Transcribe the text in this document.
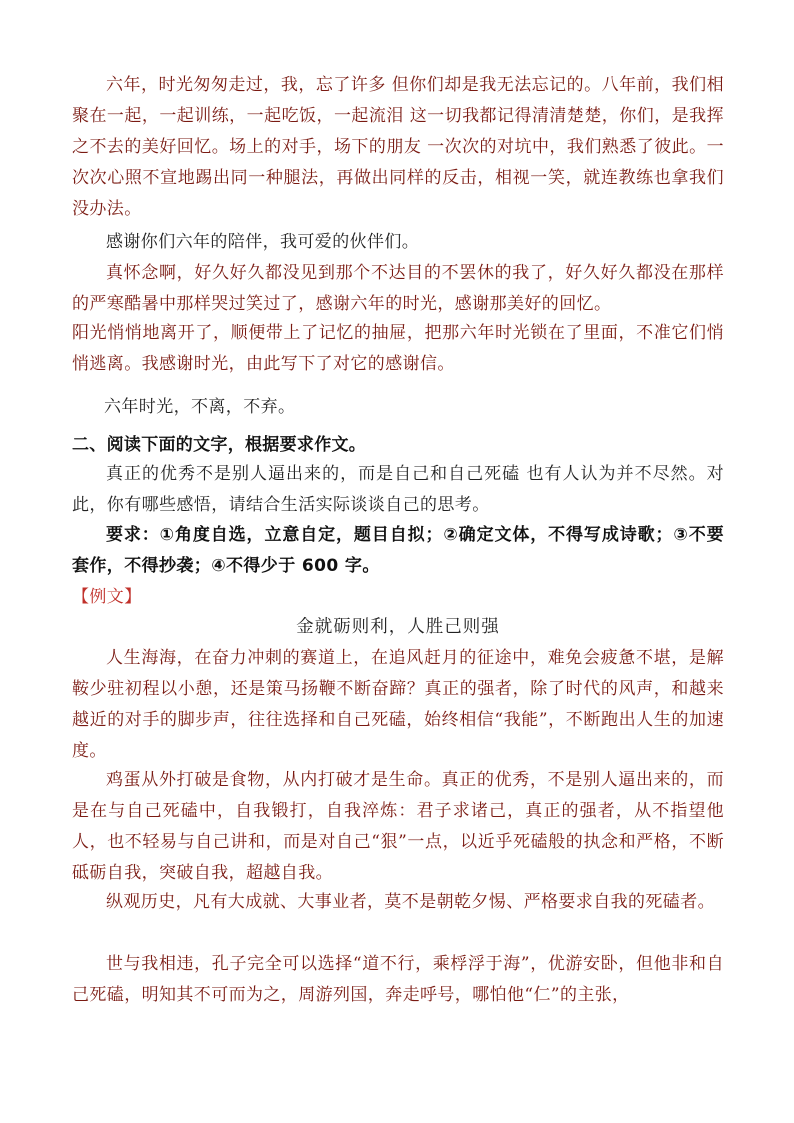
六年，时光匆匆走过，我，忘了许多 但你们却是我无法忘记的。八年前，我们相聚在一起，一起训练，一起吃饭，一起流泪 这一切我都记得清清楚楚，你们，是我挥之不去的美好回忆。场上的对手，场下的朋友 一次次的对坑中，我们熟悉了彼此。一次次心照不宣地踢出同一种腿法，再做出同样的反击，相视一笑，就连教练也拿我们没办法。

感谢你们六年的陪伴，我可爱的伙伴们。

真怀念啊，好久好久都没见到那个不达目的不罢休的我了，好久好久都没在那样的严寒酷暑中那样哭过笑过了，感谢六年的时光，感谢那美好的回忆。

阳光悄悄地离开了，顺便带上了记忆的抽屉，把那六年时光锁在了里面，不准它们悄悄逃离。我感谢时光，由此写下了对它的感谢信。

六年时光，不离，不弃。

二、阅读下面的文字，根据要求作文。

真正的优秀不是别人逼出来的，而是自己和自己死磕 也有人认为并不尽然。对此，你有哪些感悟，请结合生活实际谈谈自己的思考。

要求：①角度自选，立意自定，题目自拟；②确定文体，不得写成诗歌；③不要套作，不得抄袭；④不得少于 600 字。

【例文】

金就砺则利，人胜己则强

人生海海，在奋力冲刺的赛道上，在追风赶月的征途中，难免会疲惫不堪，是解鞍少驻初程以小憩，还是策马扬鞭不断奋蹄？真正的强者，除了时代的风声，和越来越近的对手的脚步声，往往选择和自己死磕，始终相信“我能”，不断跑出人生的加速度。

鸡蛋从外打破是食物，从内打破才是生命。真正的优秀，不是别人逼出来的，而是在与自己死磕中，自我锻打，自我淬炼：君子求诸己，真正的强者，从不指望他人，也不轻易与自己讲和，而是对自己“狠”一点，以近乎死磕般的执念和严格，不断砥砺自我，突破自我，超越自我。

纵观历史，凡有大成就、大事业者，莫不是朝乾夕惕、严格要求自我的死磕者。

世与我相违，孔子完全可以选择“道不行，乘桴浮于海”，优游安卧，但他非和自己死磕，明知其不可而为之，周游列国，奔走呼号，哪怕他“仁”的主张，
